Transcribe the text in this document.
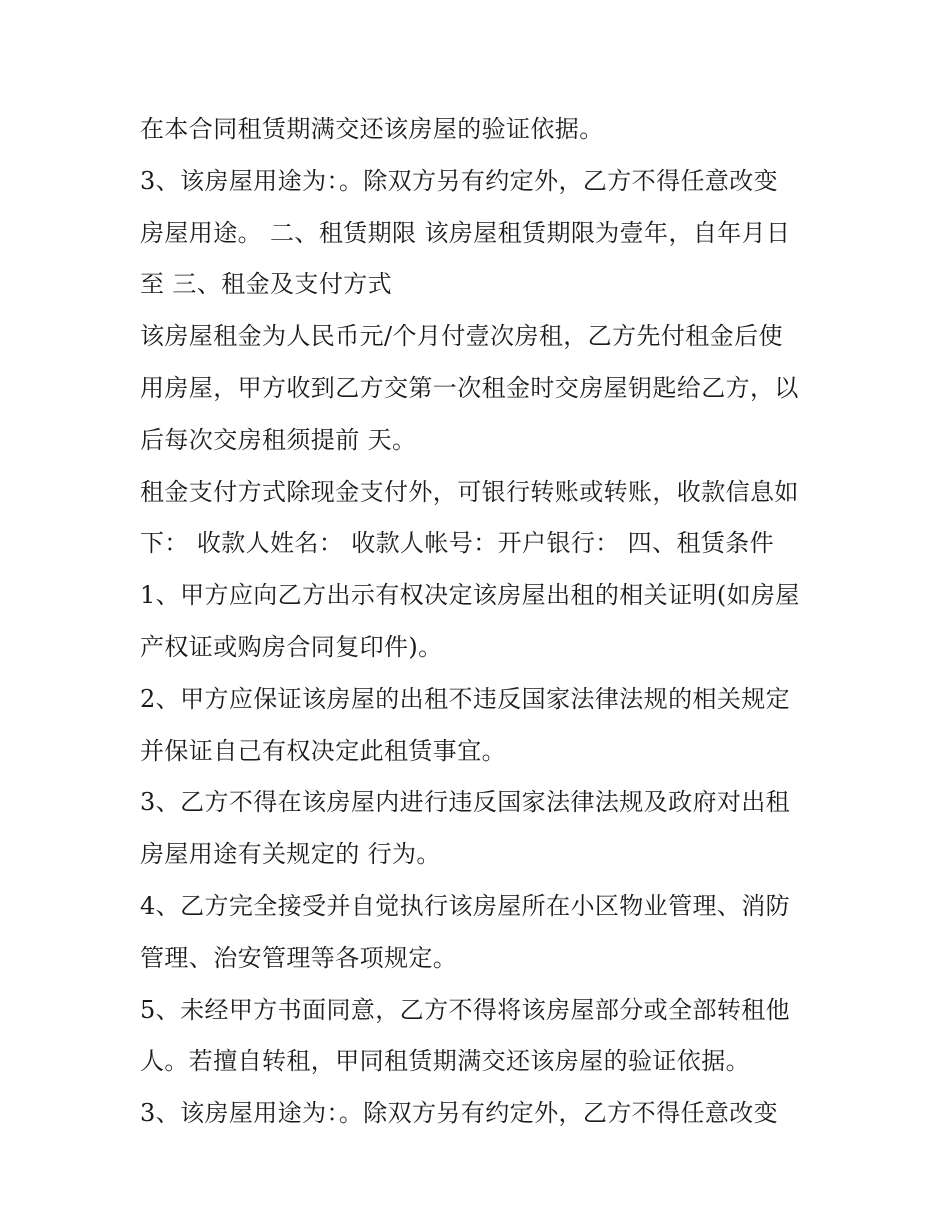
在本合同租赁期满交还该房屋的验证依据。
3、该房屋用途为：。除双方另有约定外，乙方不得任意改变
房屋用途。 二、租赁期限 该房屋租赁期限为壹年，自年月日
至 三、租金及支付方式
该房屋租金为人民币元/个月付壹次房租，乙方先付租金后使
用房屋，甲方收到乙方交第一次租金时交房屋钥匙给乙方，以
后每次交房租须提前 天。
租金支付方式除现金支付外，可银行转账或转账，收款信息如
下： 收款人姓名： 收款人帐号：开户银行： 四、租赁条件
1、甲方应向乙方出示有权决定该房屋出租的相关证明(如房屋
产权证或购房合同复印件)。
2、甲方应保证该房屋的出租不违反国家法律法规的相关规定
并保证自己有权决定此租赁事宜。
3、乙方不得在该房屋内进行违反国家法律法规及政府对出租
房屋用途有关规定的 行为。
4、乙方完全接受并自觉执行该房屋所在小区物业管理、消防
管理、治安管理等各项规定。
5、未经甲方书面同意，乙方不得将该房屋部分或全部转租他
人。若擅自转租，甲同租赁期满交还该房屋的验证依据。
3、该房屋用途为：。除双方另有约定外，乙方不得任意改变
